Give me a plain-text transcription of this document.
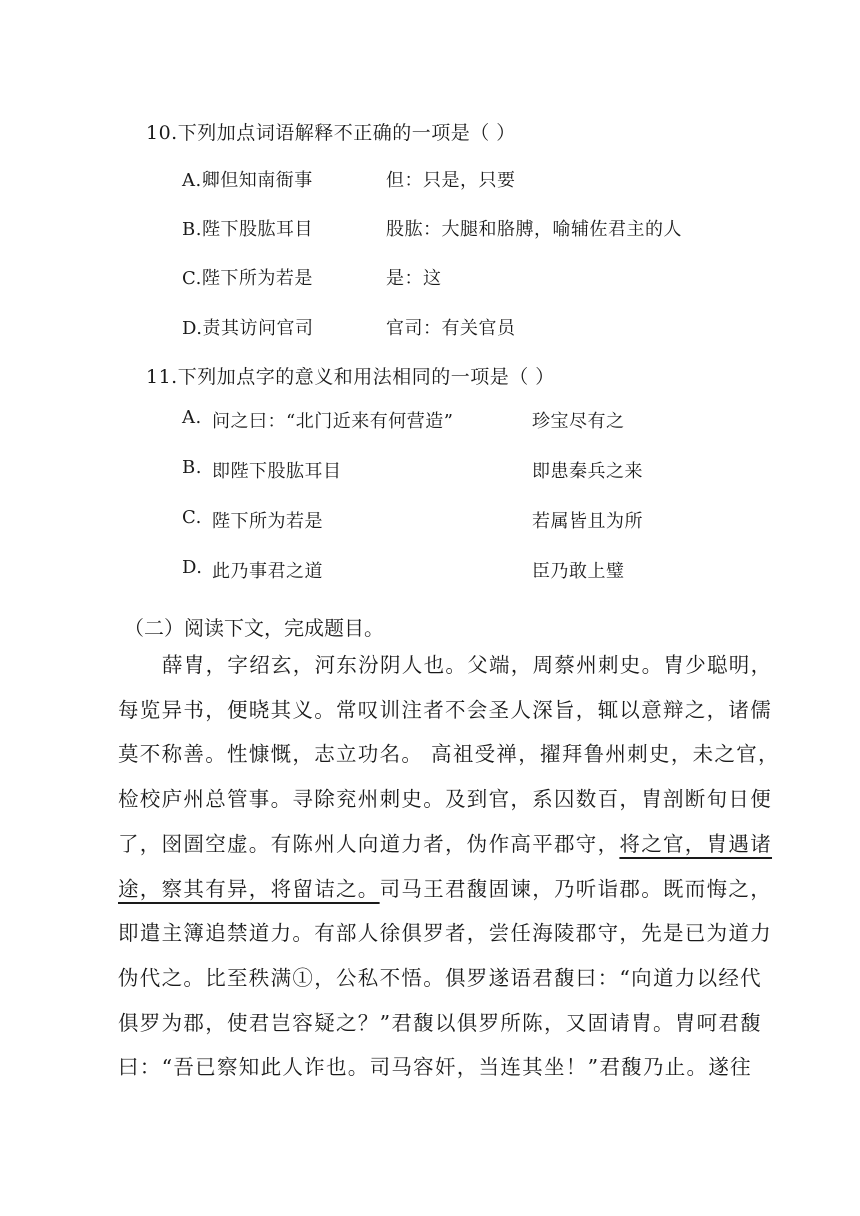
10.下列加点词语解释不正确的一项是（ ）
A.卿但知南衙事	但：只是，只要
B.陛下股肱耳目	股肱：大腿和胳膊，喻辅佐君主的人
C.陛下所为若是	是：这
D.责其访问官司	官司：有关官员
11.下列加点字的意义和用法相同的一项是（ ）
A. 问之曰：“北门近来有何营造”	珍宝尽有之
B. 即陛下股肱耳目	即患秦兵之来
C. 陛下所为若是	若属皆且为所
D. 此乃事君之道	臣乃敢上璧
（二）阅读下文，完成题目。
薛胄，字绍玄，河东汾阴人也。父端，周蔡州刺史。胄少聪明，
每览异书，便晓其义。常叹训注者不会圣人深旨，辄以意辩之，诸儒
莫不称善。性慷慨，志立功名。 高祖受禅，擢拜鲁州刺史，未之官，
检校庐州总管事。寻除兖州刺史。及到官，系囚数百，胄剖断旬日便
了，囹圄空虚。有陈州人向道力者，伪作高平郡守，将之官，胄遇诸
途，察其有异，将留诘之。司马王君馥固谏，乃听诣郡。既而悔之，
即遣主簿追禁道力。有部人徐俱罗者，尝任海陵郡守，先是已为道力
伪代之。比至秩满①，公私不悟。俱罗遂语君馥曰：“向道力以经代
俱罗为郡，使君岂容疑之？”君馥以俱罗所陈，又固请胄。胄呵君馥
曰：“吾已察知此人诈也。司马容奸，当连其坐！”君馥乃止。遂往
